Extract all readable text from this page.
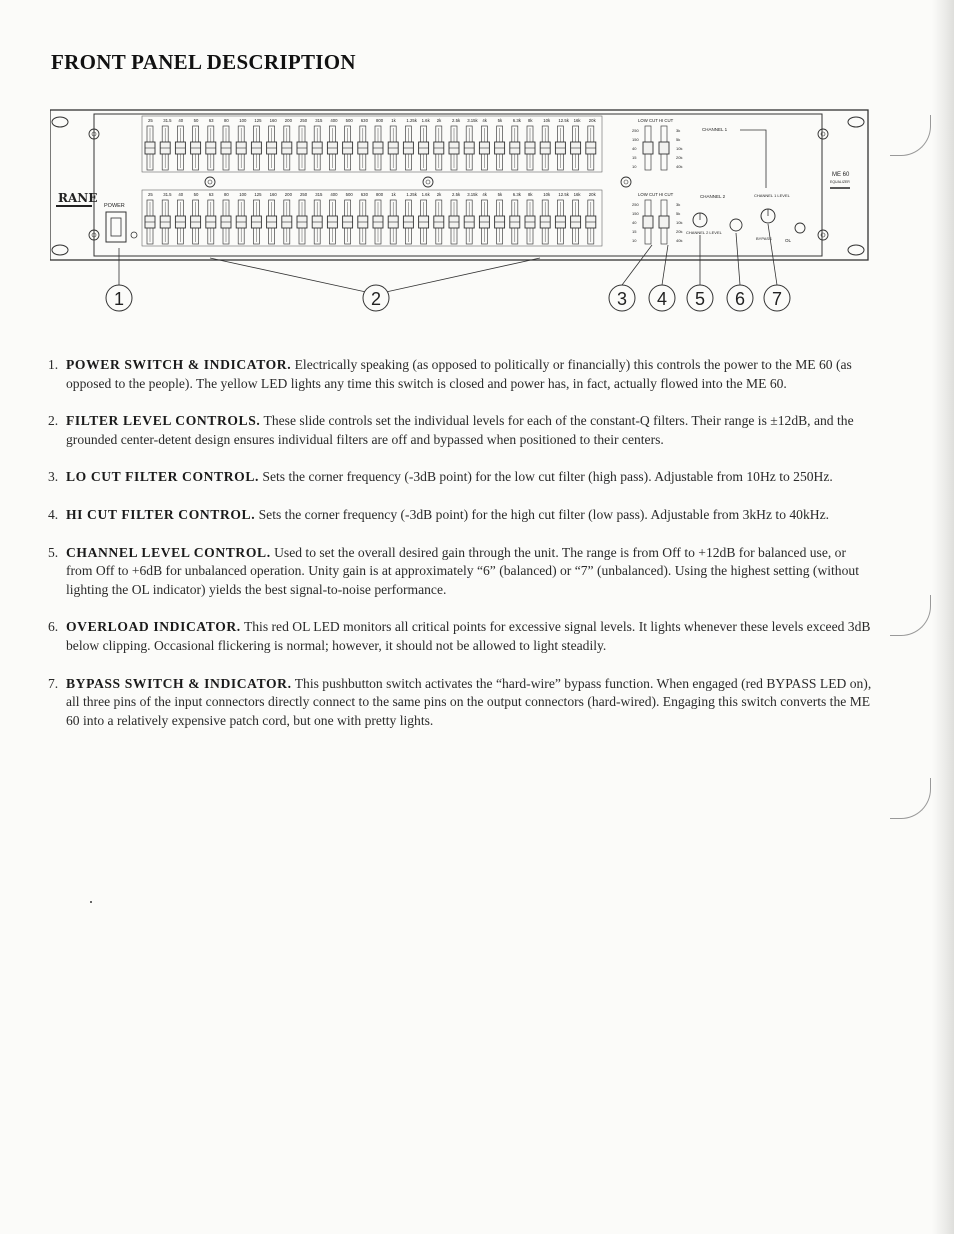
FRONT PANEL DESCRIPTION
RANE
POWER
25 31.5 40 50 63 80 100 125 160 200 250 315 400 500 630 800 1k 1.25k 1.6k 2k 2.5k 3.15k 4k 5k 6.3k 8k 10k 12.5k 16k 20k
25 31.5 40 50 63 80 100 125 160 200 250 315 400 500 630 800 1k 1.25k 1.6k 2k 2.5k 3.15k 4k 5k 6.3k 8k 10k 12.5k 16k 20k
LOW CUT HI CUT
250
150
40
15
10
3k
5k
10k
20k
40k
LOW CUT HI CUT
250
150
40
15
10
3k
5k
10k
20k
40k
CHANNEL 1
CHANNEL 2
CHANNEL 2 LEVEL
CHANNEL 1 LEVEL
BYPASS	OL
ME 60
EQUALIZER
1	2	3 4 5 6 7
1. POWER SWITCH & INDICATOR. Electrically speaking (as opposed to politically or financially) this controls the power to the ME 60 (as opposed to the people). The yellow LED lights any time this switch is closed and power has, in fact, actually flowed into the ME 60.
2. FILTER LEVEL CONTROLS. These slide controls set the individual levels for each of the constant-Q filters. Their range is ±12dB, and the grounded center-detent design ensures individual filters are off and bypassed when positioned to their centers.
3. LO CUT FILTER CONTROL. Sets the corner frequency (-3dB point) for the low cut filter (high pass). Adjustable from 10Hz to 250Hz.
4. HI CUT FILTER CONTROL. Sets the corner frequency (-3dB point) for the high cut filter (low pass). Adjustable from 3kHz to 40kHz.
5. CHANNEL LEVEL CONTROL. Used to set the overall desired gain through the unit. The range is from Off to +12dB for balanced use, or from Off to +6dB for unbalanced operation. Unity gain is at approximately “6” (balanced) or “7” (unbalanced). Using the highest setting (without lighting the OL indicator) yields the best signal-to-noise performance.
6. OVERLOAD INDICATOR. This red OL LED monitors all critical points for excessive signal levels. It lights whenever these levels exceed 3dB below clipping. Occasional flickering is normal; however, it should not be allowed to light steadily.
7. BYPASS SWITCH & INDICATOR. This pushbutton switch activates the “hard-wire” bypass function. When engaged (red BYPASS LED on), all three pins of the input connectors directly connect to the same pins on the output connectors (hard-wired). Engaging this switch converts the ME 60 into a relatively expensive patch cord, but one with pretty lights.
